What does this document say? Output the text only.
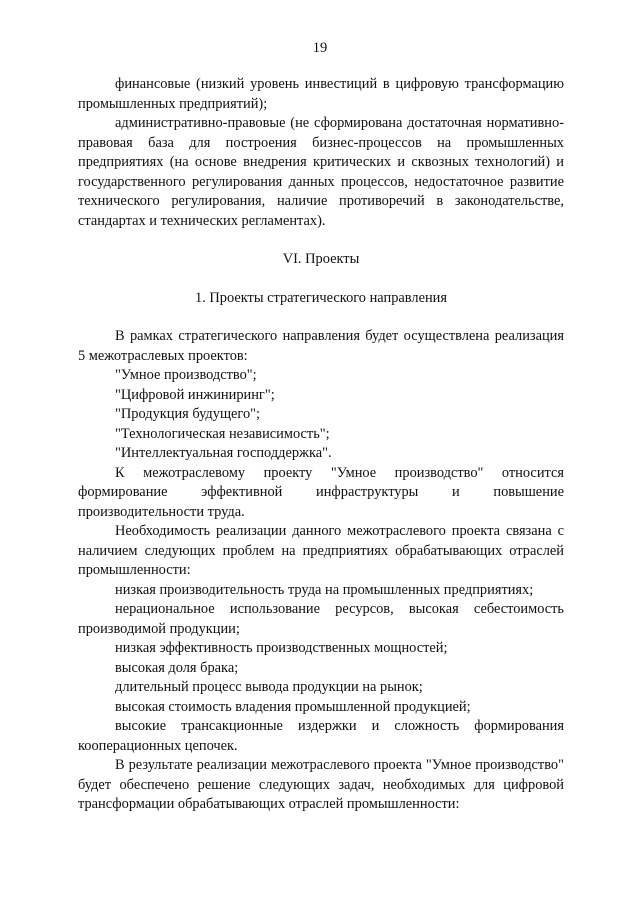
19

финансовые (низкий уровень инвестиций в цифровую трансформацию промышленных предприятий);

административно-правовые (не сформирована достаточная нормативно-правовая база для построения бизнес-процессов на промышленных предприятиях (на основе внедрения критических и сквозных технологий) и государственного регулирования данных процессов, недостаточное развитие технического регулирования, наличие противоречий в законодательстве, стандартах и технических регламентах).

VI. Проекты

1. Проекты стратегического направления

В рамках стратегического направления будет осуществлена реализация 5 межотраслевых проектов:

"Умное производство";

"Цифровой инжиниринг";

"Продукция будущего";

"Технологическая независимость";

"Интеллектуальная господдержка".

К межотраслевому проекту "Умное производство" относится формирование эффективной инфраструктуры и повышение производительности труда.

Необходимость реализации данного межотраслевого проекта связана с наличием следующих проблем на предприятиях обрабатывающих отраслей промышленности:

низкая производительность труда на промышленных предприятиях;

нерациональное использование ресурсов, высокая себестоимость производимой продукции;

низкая эффективность производственных мощностей;

высокая доля брака;

длительный процесс вывода продукции на рынок;

высокая стоимость владения промышленной продукцией;

высокие трансакционные издержки и сложность формирования кооперационных цепочек.

В результате реализации межотраслевого проекта "Умное производство" будет обеспечено решение следующих задач, необходимых для цифровой трансформации обрабатывающих отраслей промышленности:
